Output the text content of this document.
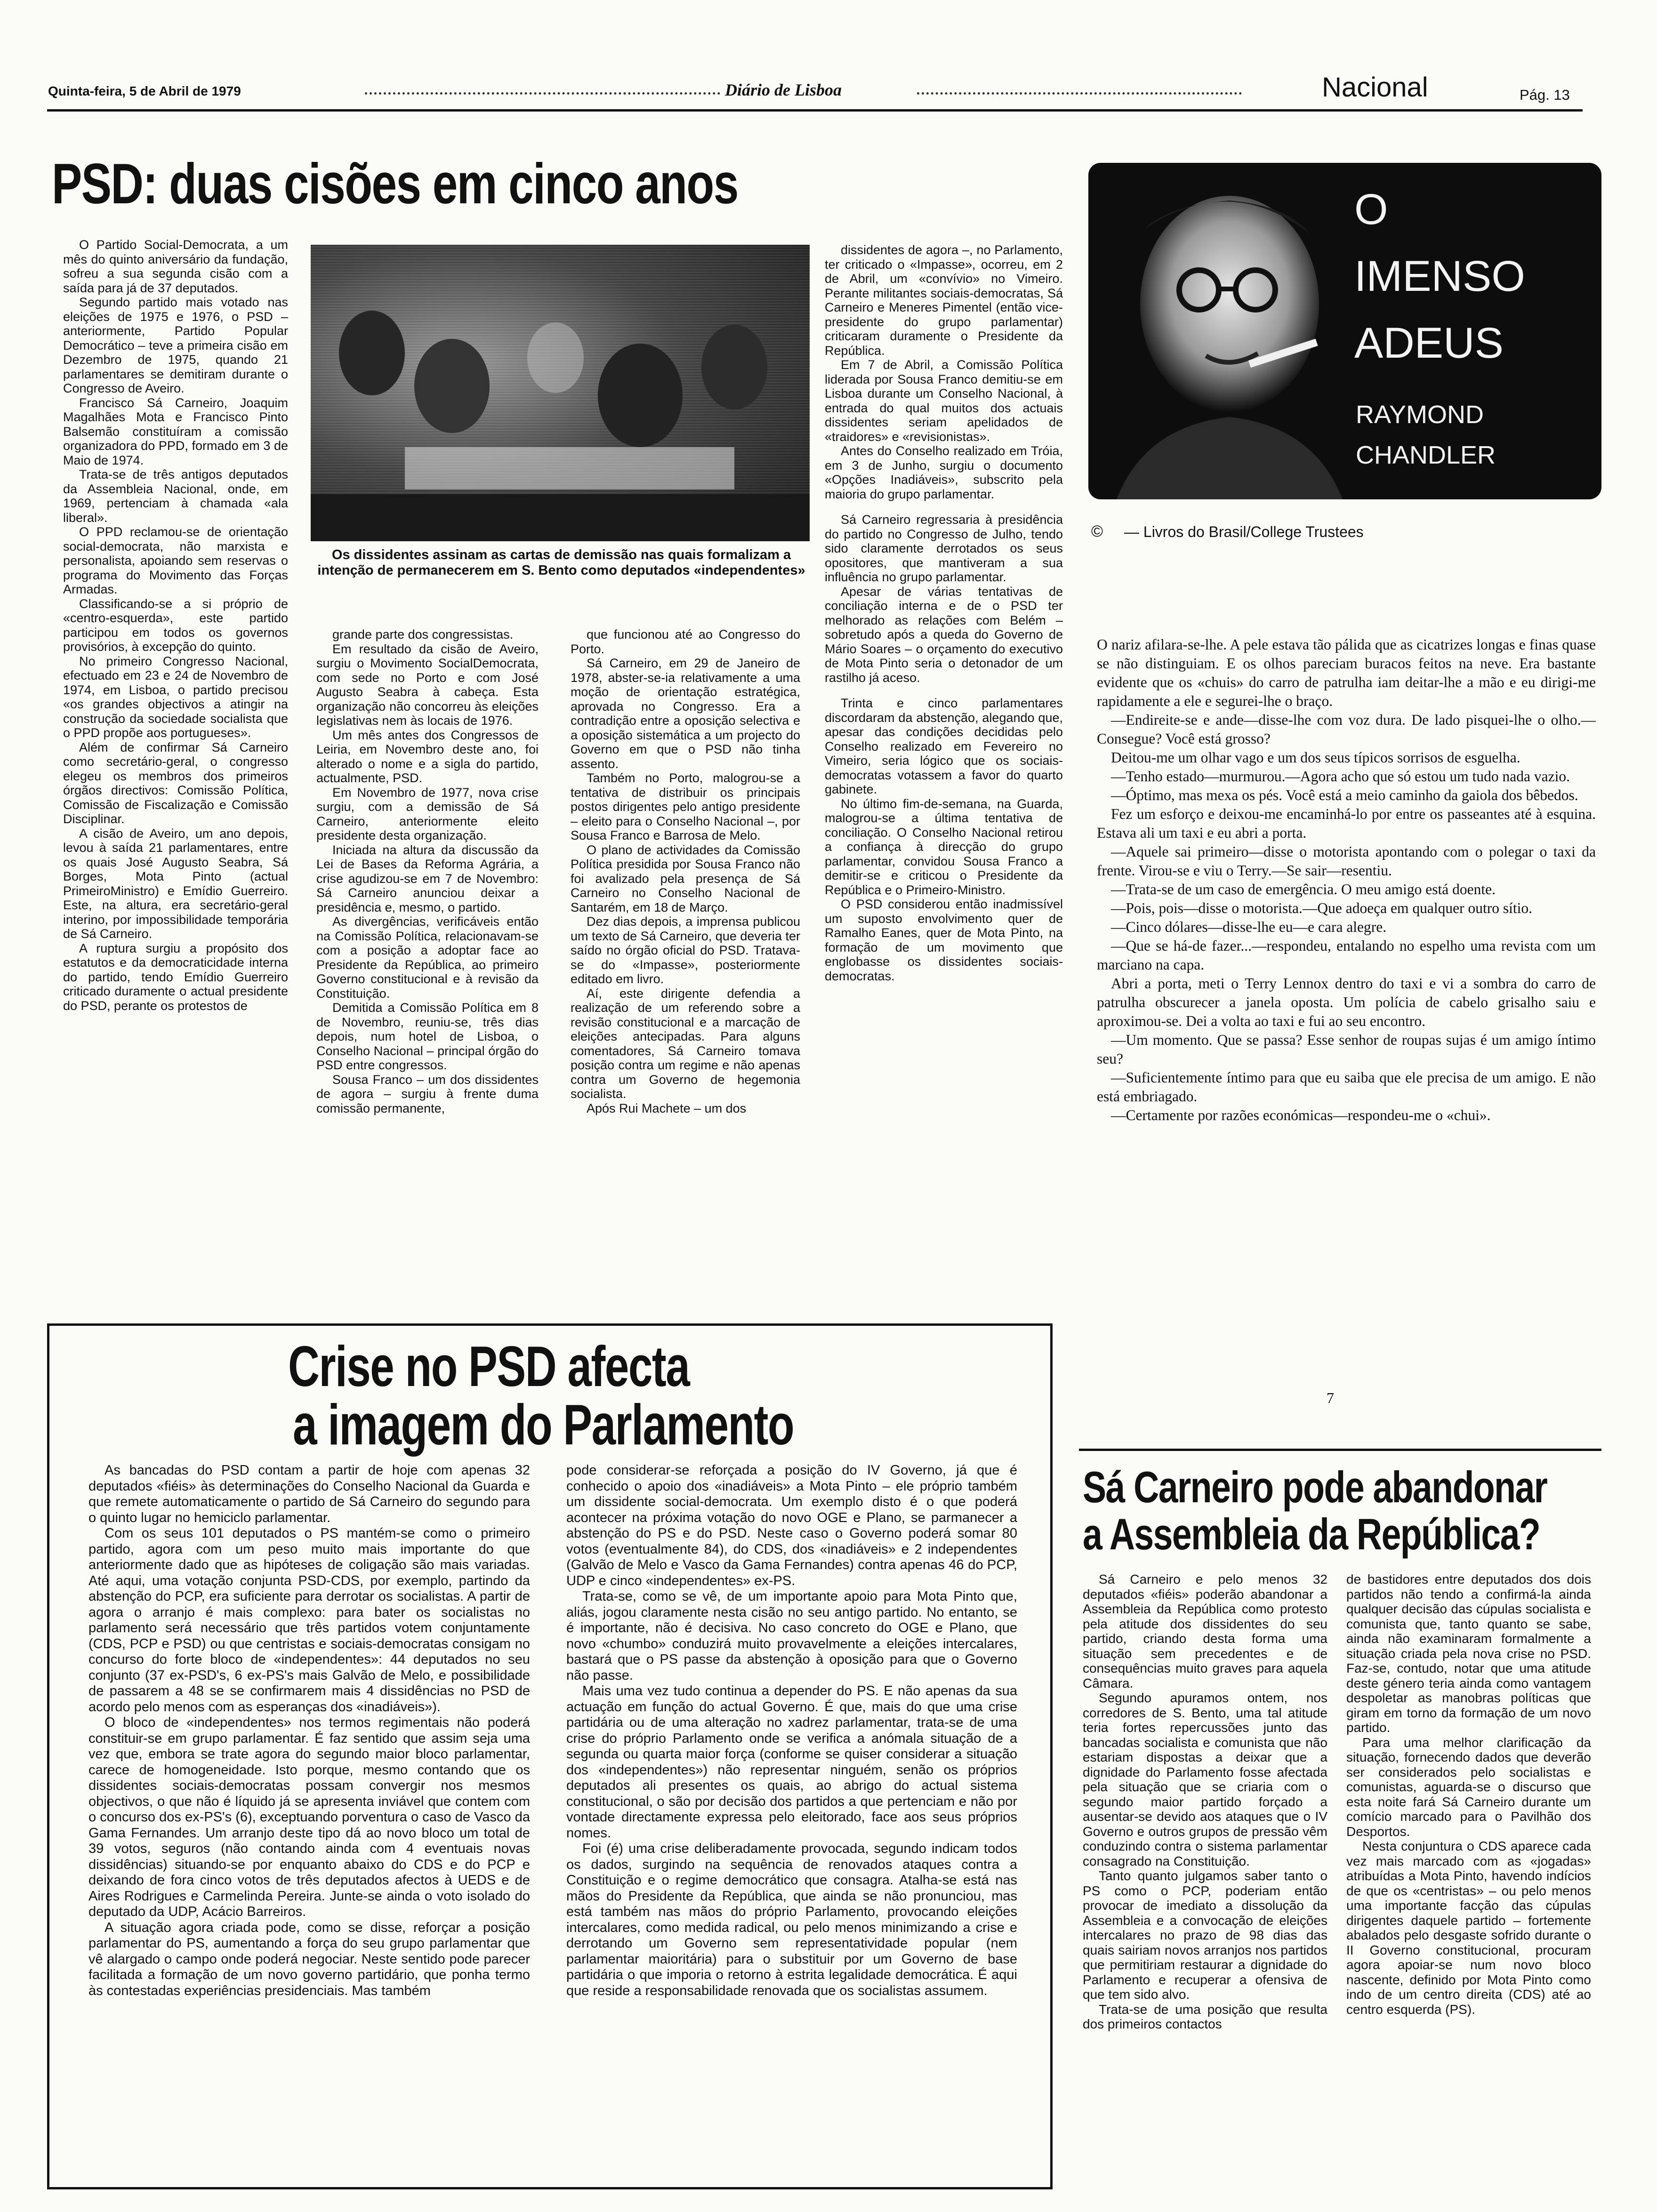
Quinta-feira, 5 de Abril de 1979	Diário de Lisboa	Nacional	Pág. 13
PSD: duas cisões em cinco anos

O Partido Social-Democrata, a um mês do quinto aniversário da fundação, sofreu a sua segunda cisão com a saída para já de 37 deputados.

Segundo partido mais votado nas eleições de 1975 e 1976, o PSD – anteriormente, Partido Popular Democrático – teve a primeira cisão em Dezembro de 1975, quando 21 parlamentares se demitiram durante o Congresso de Aveiro.

Francisco Sá Carneiro, Joaquim Magalhães Mota e Francisco Pinto Balsemão constituíram a comissão organizadora do PPD, formado em 3 de Maio de 1974.

Trata-se de três antigos deputados da Assembleia Nacional, onde, em 1969, pertenciam à chamada «ala liberal».

O PPD reclamou-se de orientação social-democrata, não marxista e personalista, apoiando sem reservas o programa do Movimento das Forças Armadas.

Classificando-se a si próprio de «centro-esquerda», este partido participou em todos os governos provisórios, à excepção do quinto.

No primeiro Congresso Nacional, efectuado em 23 e 24 de Novembro de 1974, em Lisboa, o partido precisou «os grandes objectivos a atingir na construção da sociedade socialista que o PPD propõe aos portugueses».

Além de confirmar Sá Carneiro como secretário-geral, o congresso elegeu os membros dos primeiros órgãos directivos: Comissão Política, Comissão de Fiscalização e Comissão Disciplinar.

A cisão de Aveiro, um ano depois, levou à saída 21 parlamentares, entre os quais José Augusto Seabra, Sá Borges, Mota Pinto (actual PrimeiroMinistro) e Emídio Guerreiro. Este, na altura, era secretário-geral interino, por impossibilidade temporária de Sá Carneiro.

A ruptura surgiu a propósito dos estatutos e da democraticidade interna do partido, tendo Emídio Guerreiro criticado duramente o actual presidente do PSD, perante os protestos de

Os dissidentes assinam as cartas de demissão nas quais formalizam a intenção de permanecerem em S. Bento como deputados «independentes»

grande parte dos congressistas.

Em resultado da cisão de Aveiro, surgiu o Movimento SocialDemocrata, com sede no Porto e com José Augusto Seabra à cabeça. Esta organização não concorreu às eleições legislativas nem às locais de 1976.

Um mês antes dos Congressos de Leiria, em Novembro deste ano, foi alterado o nome e a sigla do partido, actualmente, PSD.

Em Novembro de 1977, nova crise surgiu, com a demissão de Sá Carneiro, anteriormente eleito presidente desta organização.

Iniciada na altura da discussão da Lei de Bases da Reforma Agrária, a crise agudizou-se em 7 de Novembro: Sá Carneiro anunciou deixar a presidência e, mesmo, o partido.

As divergências, verificáveis então na Comissão Política, relacionavam-se com a posição a adoptar face ao Presidente da República, ao primeiro Governo constitucional e à revisão da Constituição.

Demitida a Comissão Política em 8 de Novembro, reuniu-se, três dias depois, num hotel de Lisboa, o Conselho Nacional – principal órgão do PSD entre congressos.

Sousa Franco – um dos dissidentes de agora – surgiu à frente duma comissão permanente,

que funcionou até ao Congresso do Porto.

Sá Carneiro, em 29 de Janeiro de 1978, abster-se-ia relativamente a uma moção de orientação estratégica, aprovada no Congresso. Era a contradição entre a oposição selectiva e a oposição sistemática a um projecto do Governo em que o PSD não tinha assento.

Também no Porto, malogrou-se a tentativa de distribuir os principais postos dirigentes pelo antigo presidente – eleito para o Conselho Nacional –, por Sousa Franco e Barrosa de Melo.

O plano de actividades da Comissão Política presidida por Sousa Franco não foi avalizado pela presença de Sá Carneiro no Conselho Nacional de Santarém, em 18 de Março.

Dez dias depois, a imprensa publicou um texto de Sá Carneiro, que deveria ter saído no órgão oficial do PSD. Tratava-se do «Impasse», posteriormente editado em livro.

Aí, este dirigente defendia a realização de um referendo sobre a revisão constitucional e a marcação de eleições antecipadas. Para alguns comentadores, Sá Carneiro tomava posição contra um regime e não apenas contra um Governo de hegemonia socialista.

Após Rui Machete – um dos

dissidentes de agora –, no Parlamento, ter criticado o «Impasse», ocorreu, em 2 de Abril, um «convívio» no Vimeiro. Perante militantes sociais-democratas, Sá Carneiro e Meneres Pimentel (então vice-presidente do grupo parlamentar) criticaram duramente o Presidente da República.

Em 7 de Abril, a Comissão Política liderada por Sousa Franco demitiu-se em Lisboa durante um Conselho Nacional, à entrada do qual muitos dos actuais dissidentes seriam apelidados de «traidores» e «revisionistas».

Antes do Conselho realizado em Tróia, em 3 de Junho, surgiu o documento «Opções Inadiáveis», subscrito pela maioria do grupo parlamentar.

Sá Carneiro regressaria à presidência do partido no Congresso de Julho, tendo sido claramente derrotados os seus opositores, que mantiveram a sua influência no grupo parlamentar.

Apesar de várias tentativas de conciliação interna e de o PSD ter melhorado as relações com Belém – sobretudo após a queda do Governo de Mário Soares – o orçamento do executivo de Mota Pinto seria o detonador de um rastilho já aceso.

Trinta e cinco parlamentares discordaram da abstenção, alegando que, apesar das condições decididas pelo Conselho realizado em Fevereiro no Vimeiro, seria lógico que os sociais-democratas votassem a favor do quarto gabinete.

No último fim-de-semana, na Guarda, malogrou-se a última tentativa de conciliação. O Conselho Nacional retirou a confiança à direcção do grupo parlamentar, convidou Sousa Franco a demitir-se e criticou o Presidente da República e o Primeiro-Ministro.

O PSD considerou então inadmissível um suposto envolvimento quer de Ramalho Eanes, quer de Mota Pinto, na formação de um movimento que englobasse os dissidentes sociais-democratas.

O
IMENSO
ADEUS
RAYMOND
CHANDLER
© — Livros do Brasil/College Trustees

O nariz afilara-se-lhe. A pele estava tão pálida que as cicatrizes longas e finas quase se não distinguiam. E os olhos pareciam buracos feitos na neve. Era bastante evidente que os «chuis» do carro de patrulha iam deitar-lhe a mão e eu dirigi-me rapidamente a ele e segurei-lhe o braço.

—Endireite-se e ande—disse-lhe com voz dura. De lado pisquei-lhe o olho.—Consegue? Você está grosso?

Deitou-me um olhar vago e um dos seus típicos sorrisos de esguelha.

—Tenho estado—murmurou.—Agora acho que só estou um tudo nada vazio.

—Óptimo, mas mexa os pés. Você está a meio caminho da gaiola dos bêbedos.

Fez um esforço e deixou-me encaminhá-lo por entre os passeantes até à esquina. Estava ali um taxi e eu abri a porta.

—Aquele sai primeiro—disse o motorista apontando com o polegar o taxi da frente. Virou-se e viu o Terry.—Se sair—resentiu.

—Trata-se de um caso de emergência. O meu amigo está doente.

—Pois, pois—disse o motorista.—Que adoeça em qualquer outro sítio.

—Cinco dólares—disse-lhe eu—e cara alegre.

—Que se há-de fazer...—respondeu, entalando no espelho uma revista com um marciano na capa.

Abri a porta, meti o Terry Lennox dentro do taxi e vi a sombra do carro de patrulha obscurecer a janela oposta. Um polícia de cabelo grisalho saiu e aproximou-se. Dei a volta ao taxi e fui ao seu encontro.

—Um momento. Que se passa? Esse senhor de roupas sujas é um amigo íntimo seu?

—Suficientemente íntimo para que eu saiba que ele precisa de um amigo. E não está embriagado.

—Certamente por razões económicas—respondeu-me o «chui».

7
Crise no PSD afecta
a imagem do Parlamento

As bancadas do PSD contam a partir de hoje com apenas 32 deputados «fiéis» às determinações do Conselho Nacional da Guarda e que remete automaticamente o partido de Sá Carneiro do segundo para o quinto lugar no hemiciclo parlamentar.

Com os seus 101 deputados o PS mantém-se como o primeiro partido, agora com um peso muito mais importante do que anteriormente dado que as hipóteses de coligação são mais variadas. Até aqui, uma votação conjunta PSD-CDS, por exemplo, partindo da abstenção do PCP, era suficiente para derrotar os socialistas. A partir de agora o arranjo é mais complexo: para bater os socialistas no parlamento será necessário que três partidos votem conjuntamente (CDS, PCP e PSD) ou que centristas e sociais-democratas consigam no concurso do forte bloco de «independentes»: 44 deputados no seu conjunto (37 ex-PSD's, 6 ex-PS's mais Galvão de Melo, e possibilidade de passarem a 48 se se confirmarem mais 4 dissidências no PSD de acordo pelo menos com as esperanças dos «inadiáveis»).

O bloco de «independentes» nos termos regimentais não poderá constituir-se em grupo parlamentar. É faz sentido que assim seja uma vez que, embora se trate agora do segundo maior bloco parlamentar, carece de homogeneidade. Isto porque, mesmo contando que os dissidentes sociais-democratas possam convergir nos mesmos objectivos, o que não é líquido já se apresenta inviável que contem com o concurso dos ex-PS's (6), exceptuando porventura o caso de Vasco da Gama Fernandes. Um arranjo deste tipo dá ao novo bloco um total de 39 votos, seguros (não contando ainda com 4 eventuais novas dissidências) situando-se por enquanto abaixo do CDS e do PCP e deixando de fora cinco votos de três deputados afectos à UEDS e de Aires Rodrigues e Carmelinda Pereira. Junte-se ainda o voto isolado do deputado da UDP, Acácio Barreiros.

A situação agora criada pode, como se disse, reforçar a posição parlamentar do PS, aumentando a força do seu grupo parlamentar que vê alargado o campo onde poderá negociar. Neste sentido pode parecer facilitada a formação de um novo governo partidário, que ponha termo às contestadas experiências presidenciais. Mas também

pode considerar-se reforçada a posição do IV Governo, já que é conhecido o apoio dos «inadiáveis» a Mota Pinto – ele próprio também um dissidente social-democrata. Um exemplo disto é o que poderá acontecer na próxima votação do novo OGE e Plano, se parmanecer a abstenção do PS e do PSD. Neste caso o Governo poderá somar 80 votos (eventualmente 84), do CDS, dos «inadiáveis» e 2 independentes (Galvão de Melo e Vasco da Gama Fernandes) contra apenas 46 do PCP, UDP e cinco «independentes» ex-PS.

Trata-se, como se vê, de um importante apoio para Mota Pinto que, aliás, jogou claramente nesta cisão no seu antigo partido. No entanto, se é importante, não é decisiva. No caso concreto do OGE e Plano, que novo «chumbo» conduzirá muito provavelmente a eleições intercalares, bastará que o PS passe da abstenção à oposição para que o Governo não passe.

Mais uma vez tudo continua a depender do PS. E não apenas da sua actuação em função do actual Governo. É que, mais do que uma crise partidária ou de uma alteração no xadrez parlamentar, trata-se de uma crise do próprio Parlamento onde se verifica a anómala situação de a segunda ou quarta maior força (conforme se quiser considerar a situação dos «independentes») não representar ninguém, senão os próprios deputados ali presentes os quais, ao abrigo do actual sistema constitucional, o são por decisão dos partidos a que pertenciam e não por vontade directamente expressa pelo eleitorado, face aos seus próprios nomes.

Foi (é) uma crise deliberadamente provocada, segundo indicam todos os dados, surgindo na sequência de renovados ataques contra a Constituição e o regime democrático que consagra. Atalha-se está nas mãos do Presidente da República, que ainda se não pronunciou, mas está também nas mãos do próprio Parlamento, provocando eleições intercalares, como medida radical, ou pelo menos minimizando a crise e derrotando um Governo sem representatividade popular (nem parlamentar maioritária) para o substituir por um Governo de base partidária o que imporia o retorno à estrita legalidade democrática. É aqui que reside a responsabilidade renovada que os socialistas assumem.

Sá Carneiro pode abandonar
a Assembleia da República?

Sá Carneiro e pelo menos 32 deputados «fiéis» poderão abandonar a Assembleia da República como protesto pela atitude dos dissidentes do seu partido, criando desta forma uma situação sem precedentes e de consequências muito graves para aquela Câmara.

Segundo apuramos ontem, nos corredores de S. Bento, uma tal atitude teria fortes repercussões junto das bancadas socialista e comunista que não estariam dispostas a deixar que a dignidade do Parlamento fosse afectada pela situação que se criaria com o segundo maior partido forçado a ausentar-se devido aos ataques que o IV Governo e outros grupos de pressão vêm conduzindo contra o sistema parlamentar consagrado na Constituição.

Tanto quanto julgamos saber tanto o PS como o PCP, poderiam então provocar de imediato a dissolução da Assembleia e a convocação de eleições intercalares no prazo de 98 dias das quais sairiam novos arranjos nos partidos que permitiriam restaurar a dignidade do Parlamento e recuperar a ofensiva de que tem sido alvo.

Trata-se de uma posição que resulta dos primeiros contactos

de bastidores entre deputados dos dois partidos não tendo a confirmá-la ainda qualquer decisão das cúpulas socialista e comunista que, tanto quanto se sabe, ainda não examinaram formalmente a situação criada pela nova crise no PSD. Faz-se, contudo, notar que uma atitude deste género teria ainda como vantagem despoletar as manobras políticas que giram em torno da formação de um novo partido.

Para uma melhor clarificação da situação, fornecendo dados que deverão ser considerados pelo socialistas e comunistas, aguarda-se o discurso que esta noite fará Sá Carneiro durante um comício marcado para o Pavilhão dos Desportos.

Nesta conjuntura o CDS aparece cada vez mais marcado com as «jogadas» atribuídas a Mota Pinto, havendo indícios de que os «centristas» – ou pelo menos uma importante facção das cúpulas dirigentes daquele partido – fortemente abalados pelo desgaste sofrido durante o II Governo constitucional, procuram agora apoiar-se num novo bloco nascente, definido por Mota Pinto como indo de um centro direita (CDS) até ao centro esquerda (PS).
